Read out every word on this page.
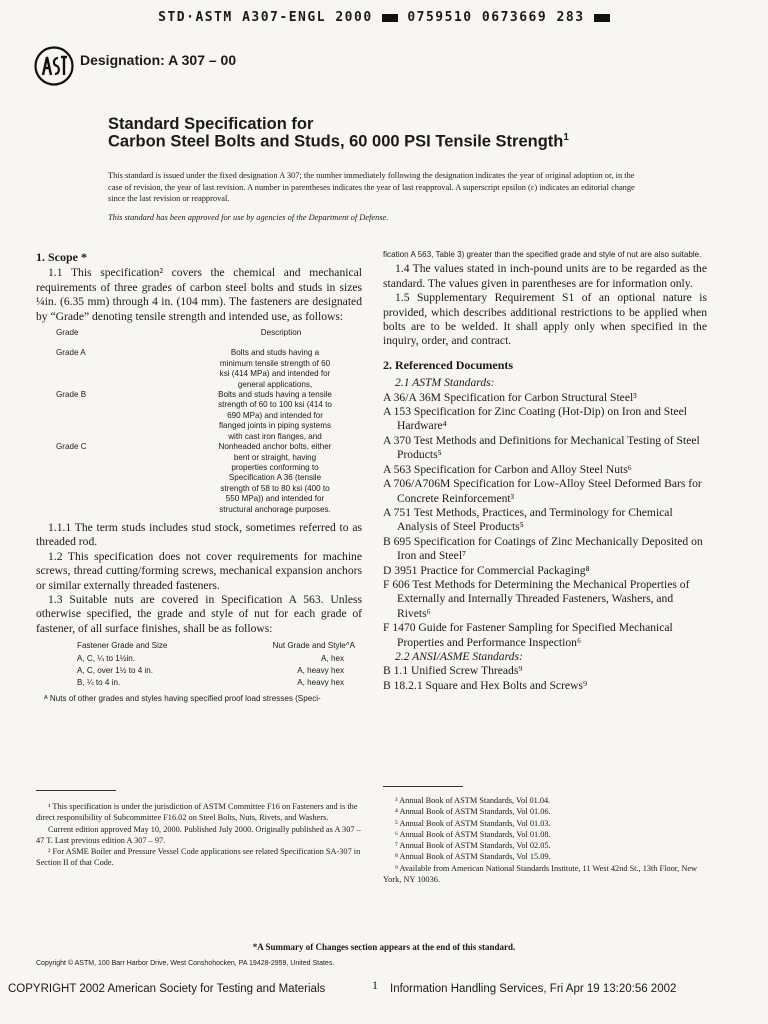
STD·ASTM A307-ENGL 2000	0759510 0673669 283
Designation: A 307 – 00
Standard Specification for
Carbon Steel Bolts and Studs, 60 000 PSI Tensile Strength$^1$
This standard is issued under the fixed designation A 307; the number immediately following the designation indicates the year of original adoption or, in the case of revision, the year of last revision. A number in parentheses indicates the year of last reapproval. A superscript epsilon (ε) indicates an editorial change since the last revision or reapproval.
This standard has been approved for use by agencies of the Department of Defense.

1. Scope *

1.1 This specification² covers the chemical and mechanical requirements of three grades of carbon steel bolts and studs in sizes ¼in. (6.35 mm) through 4 in. (104 mm). The fasteners are designated by “Grade” denoting tensile strength and intended use, as follows:

Grade	Description
Grade A	Bolts and studs having a minimum tensile strength of 60 ksi (414 MPa) and intended for general applications,
Grade B	Bolts and studs having a tensile strength of 60 to 100 ksi (414 to 690 MPa) and intended for flanged joints in piping systems with cast iron flanges, and
Grade C	Nonheaded anchor bolts, either bent or straight, having properties conforming to Specification A 36 (tensile strength of 58 to 80 ksi (400 to 550 MPa)) and intended for structural anchorage purposes.

1.1.1 The term studs includes stud stock, sometimes referred to as threaded rod.

1.2 This specification does not cover requirements for machine screws, thread cutting/forming screws, mechanical expansion anchors or similar externally threaded fasteners.

1.3 Suitable nuts are covered in Specification A 563. Unless otherwise specified, the grade and style of nut for each grade of fastener, of all surface finishes, shall be as follows:

Fastener Grade and Size	Nut Grade and Style^A
A, C, ¼ to 1½in.	A, hex
A, C, over 1½ to 4 in.	A, heavy hex
B, ¼ to 4 in.	A, heavy hex
ᴬ Nuts of other grades and styles having specified proof load stresses (Speci-

¹ This specification is under the jurisdiction of ASTM Committee F16 on Fasteners and is the direct responsibility of Subcommittee F16.02 on Steel Bolts, Nuts, Rivets, and Washers.

Current edition approved May 10, 2000. Published July 2000. Originally published as A 307 – 47 T. Last previous edition A 307 – 97.

² For ASME Boiler and Pressure Vessel Code applications see related Specification SA-307 in Section II of that Code.

fication A 563, Table 3) greater than the specified grade and style of nut are also suitable.

1.4 The values stated in inch-pound units are to be regarded as the standard. The values given in parentheses are for information only.

1.5 Supplementary Requirement S1 of an optional nature is provided, which describes additional restrictions to be applied when bolts are to be welded. It shall apply only when specified in the inquiry, order, and contract.

2. Referenced Documents

2.1 ASTM Standards:

A 36/A 36M Specification for Carbon Structural Steel³

A 153 Specification for Zinc Coating (Hot-Dip) on Iron and Steel Hardware⁴

A 370 Test Methods and Definitions for Mechanical Testing of Steel Products⁵

A 563 Specification for Carbon and Alloy Steel Nuts⁶

A 706/A706M Specification for Low-Alloy Steel Deformed Bars for Concrete Reinforcement³

A 751 Test Methods, Practices, and Terminology for Chemical Analysis of Steel Products⁵

B 695 Specification for Coatings of Zinc Mechanically Deposited on Iron and Steel⁷

D 3951 Practice for Commercial Packaging⁸

F 606 Test Methods for Determining the Mechanical Properties of Externally and Internally Threaded Fasteners, Washers, and Rivets⁶

F 1470 Guide for Fastener Sampling for Specified Mechanical Properties and Performance Inspection⁶

2.2 ANSI/ASME Standards:

B 1.1 Unified Screw Threads⁹

B 18.2.1 Square and Hex Bolts and Screws⁹

³ Annual Book of ASTM Standards, Vol 01.04.

⁴ Annual Book of ASTM Standards, Vol 01.06.

⁵ Annual Book of ASTM Standards, Vol 01.03.

⁶ Annual Book of ASTM Standards, Vol 01.08.

⁷ Annual Book of ASTM Standards, Vol 02.05.

⁸ Annual Book of ASTM Standards, Vol 15.09.

⁹ Available from American National Standards Institute, 11 West 42nd St., 13th Floor, New York, NY 10036.

*A Summary of Changes section appears at the end of this standard.
Copyright © ASTM, 100 Barr Harbor Drive, West Conshohocken, PA 19428-2959, United States.
COPYRIGHT 2002 American Society for Testing and Materials	1 Information Handling Services, Fri Apr 19 13:20:56 2002
